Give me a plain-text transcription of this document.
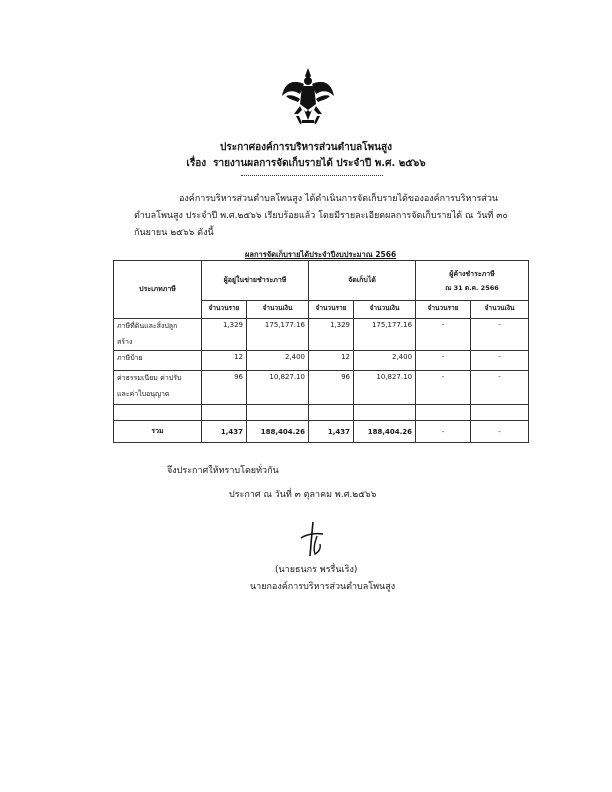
ประกาศองค์การบริหารส่วนตำบลโพนสูง
เรื่อง รายงานผลการจัดเก็บรายได้ ประจำปี พ.ศ. ๒๕๖๖
องค์การบริหารส่วนตำบลโพนสูง ได้ดำเนินการจัดเก็บรายได้ขององค์การบริหารส่วน
ตำบลโพนสูง ประจำปี พ.ศ.๒๕๖๖ เรียบร้อยแล้ว โดยมีรายละเอียดผลการจัดเก็บรายได้ ณ วันที่ ๓๐
กันยายน ๒๕๖๖ ดังนี้
ผลการจัดเก็บรายได้ประจำปีงบประมาณ 2566
ประเภทภาษี	ผู้อยู่ในข่ายชำระภาษี		จัดเก็บได้		ผู้ค้างชำระภาษี
ณ 31 ต.ค. 2566	

	จำนวนราย	จำนวนเงิน	จำนวนราย	จำนวนเงิน	จำนวนราย	จำนวนเงิน

ภาษีที่ดินและสิ่งปลูก
สร้าง	1,329	175,177.16	1,329	175,177.16	-	-

ภาษีป้าย	12	2,400	12	2,400	-	-

ค่าธรรมเนียม ค่าปรับ
และค่าใบอนุญาต	96	10,827.10	96	10,827.10	-	-

รวม	1,437	188,404.26	1,437	188,404.26	-	-
จึงประกาศให้ทราบโดยทั่วกัน
ประกาศ ณ วันที่ ๓ ตุลาคม พ.ศ.๒๕๖๖
(นายธนกร พรรื่นเริง)
นายกองค์การบริหารส่วนตำบลโพนสูง
